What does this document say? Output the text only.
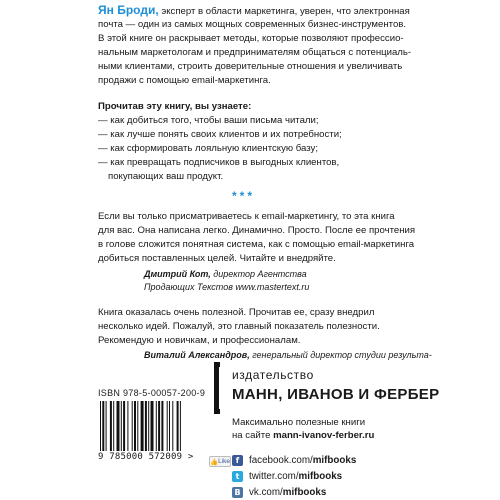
Ян Броди, эксперт в области маркетинга, уверен, что электронная

почта — один из самых мощных современных бизнес-инструментов.

В этой книге он раскрывает методы, которые позволяют профессио-

нальным маркетологам и предпринимателям общаться с потенциаль-

ными клиентами, строить доверительные отношения и увеличивать

продажи с помощью email-маркетинга.

Прочитав эту книгу, вы узнаете:

— как добиться того, чтобы ваши письма читали;

— как лучше понять своих клиентов и их потребности;

— как сформировать лояльную клиентскую базу;

— как превращать подписчиков в выгодных клиентов,

покупающих ваш продукт.

***

Если вы только присматриваетесь к email-маркетингу, то эта книга

для вас. Она написана легко. Динамично. Просто. После ее прочтения

в голове сложится понятная система, как с помощью email-маркетинга

добиться поставленных целей. Читайте и внедряйте.

Дмитрий Кот, директор Агентства

Продающих Текстов www.mastertext.ru

Книга оказалась очень полезной. Прочитав ее, сразу внедрил

несколько идей. Пожалуй, это главный показатель полезности.

Рекомендую и новичкам, и профессионалам.

Виталий Александров, генеральный директор студии результа-

ISBN 978-5-00057-200-9
9 785000 572009 >
издательство
МАНН, ИВАНОВ И ФЕРБЕР
Максимально полезные книги
на сайте mann-ivanov-ferber.ru
👍 Like f facebook.com/ mifbooks
t twitter.com/ mifbooks
B vk.com/ mifbooks
